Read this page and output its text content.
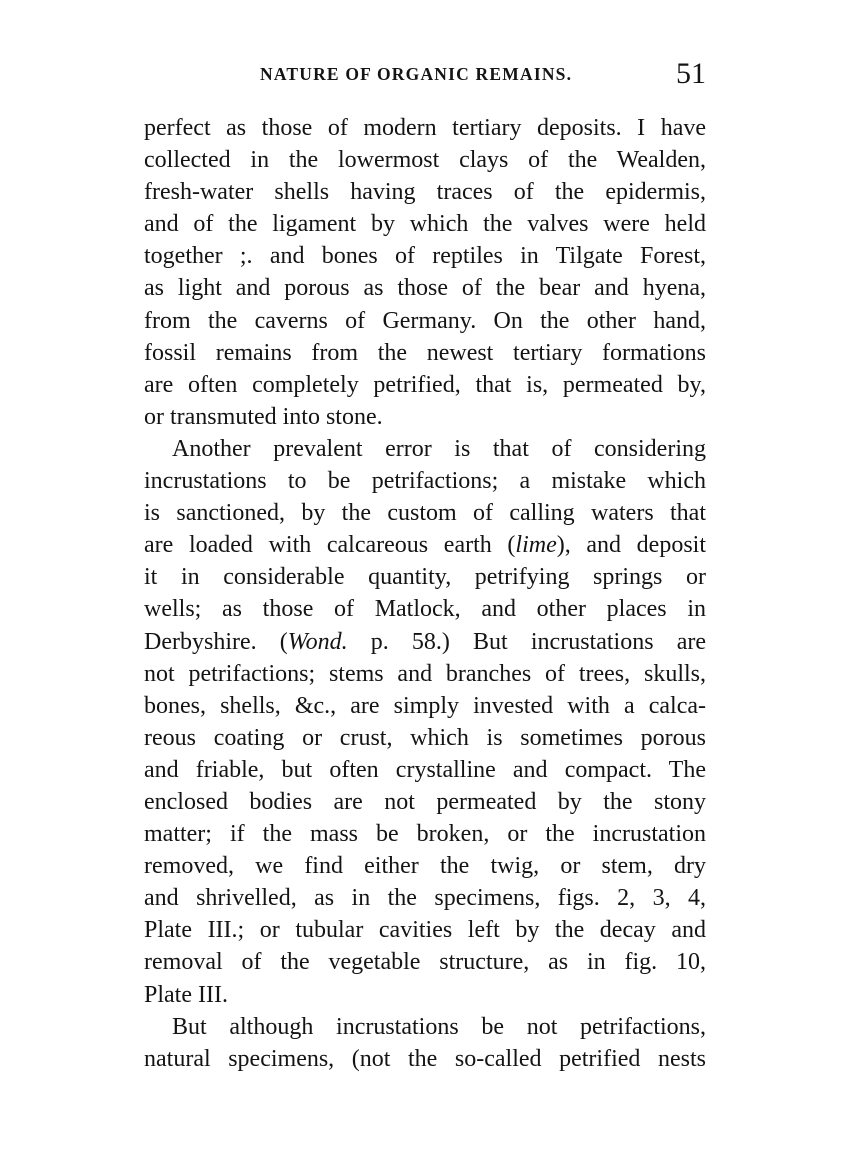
NATURE OF ORGANIC REMAINS.	51
perfect as those of modern tertiary deposits. I have
collected in the lowermost clays of the Wealden,
fresh-water shells having traces of the epidermis,
and of the ligament by which the valves were held
together ;. and bones of reptiles in Tilgate Forest,
as light and porous as those of the bear and hyena,
from the caverns of Germany. On the other hand,
fossil remains from the newest tertiary formations
are often completely petrified, that is, permeated by,
or transmuted into stone.
Another prevalent error is that of considering
incrustations to be petrifactions; a mistake which
is sanctioned, by the custom of calling waters that
are loaded with calcareous earth (lime), and deposit
it in considerable quantity, petrifying springs or
wells; as those of Matlock, and other places in
Derbyshire. (Wond. p. 58.) But incrustations are
not petrifactions; stems and branches of trees, skulls,
bones, shells, &c., are simply invested with a calca-
reous coating or crust, which is sometimes porous
and friable, but often crystalline and compact. The
enclosed bodies are not permeated by the stony
matter; if the mass be broken, or the incrustation
removed, we find either the twig, or stem, dry
and shrivelled, as in the specimens, figs. 2, 3, 4,
Plate III.; or tubular cavities left by the decay and
removal of the vegetable structure, as in fig. 10,
Plate III.
But although incrustations be not petrifactions,
natural specimens, (not the so-called petrified nests
